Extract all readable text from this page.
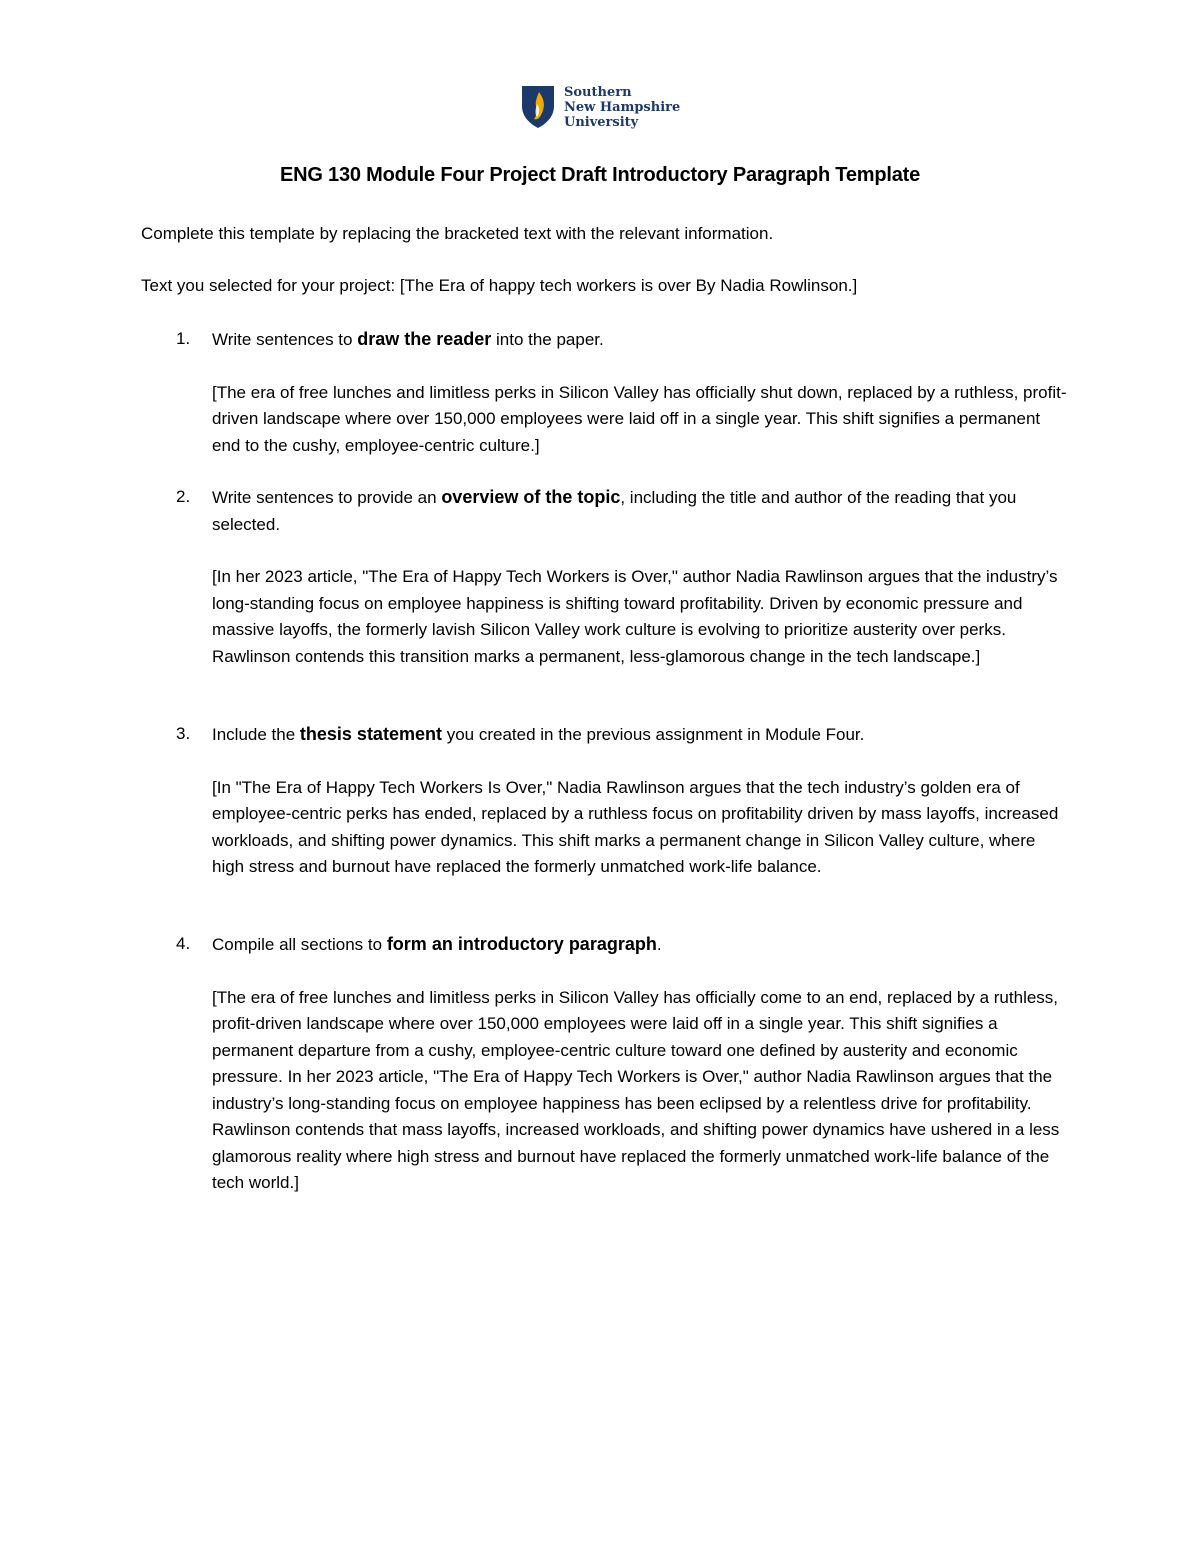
Southern
New Hampshire
University
ENG 130 Module Four Project Draft Introductory Paragraph Template
Complete this template by replacing the bracketed text with the relevant information.
Text you selected for your project: [The Era of happy tech workers is over By Nadia Rowlinson.]
1. Write sentences to draw the reader into the paper.
[The era of free lunches and limitless perks in Silicon Valley has officially shut down, replaced by a ruthless, profit-driven landscape where over 150,000 employees were laid off in a single year. This shift signifies a permanent end to the cushy, employee-centric culture.]
2. Write sentences to provide an overview of the topic, including the title and author of the reading that you selected.
[In her 2023 article, "The Era of Happy Tech Workers is Over," author Nadia Rawlinson argues that the industry’s long-standing focus on employee happiness is shifting toward profitability. Driven by economic pressure and massive layoffs, the formerly lavish Silicon Valley work culture is evolving to prioritize austerity over perks. Rawlinson contends this transition marks a permanent, less-glamorous change in the tech landscape.]
3. Include the thesis statement you created in the previous assignment in Module Four.
[In "The Era of Happy Tech Workers Is Over," Nadia Rawlinson argues that the tech industry’s golden era of employee-centric perks has ended, replaced by a ruthless focus on profitability driven by mass layoffs, increased workloads, and shifting power dynamics. This shift marks a permanent change in Silicon Valley culture, where high stress and burnout have replaced the formerly unmatched work-life balance.
4. Compile all sections to form an introductory paragraph.
[The era of free lunches and limitless perks in Silicon Valley has officially come to an end, replaced by a ruthless, profit-driven landscape where over 150,000 employees were laid off in a single year. This shift signifies a permanent departure from a cushy, employee-centric culture toward one defined by austerity and economic pressure. In her 2023 article, "The Era of Happy Tech Workers is Over," author Nadia Rawlinson argues that the industry’s long-standing focus on employee happiness has been eclipsed by a relentless drive for profitability. Rawlinson contends that mass layoffs, increased workloads, and shifting power dynamics have ushered in a less glamorous reality where high stress and burnout have replaced the formerly unmatched work-life balance of the tech world.]
